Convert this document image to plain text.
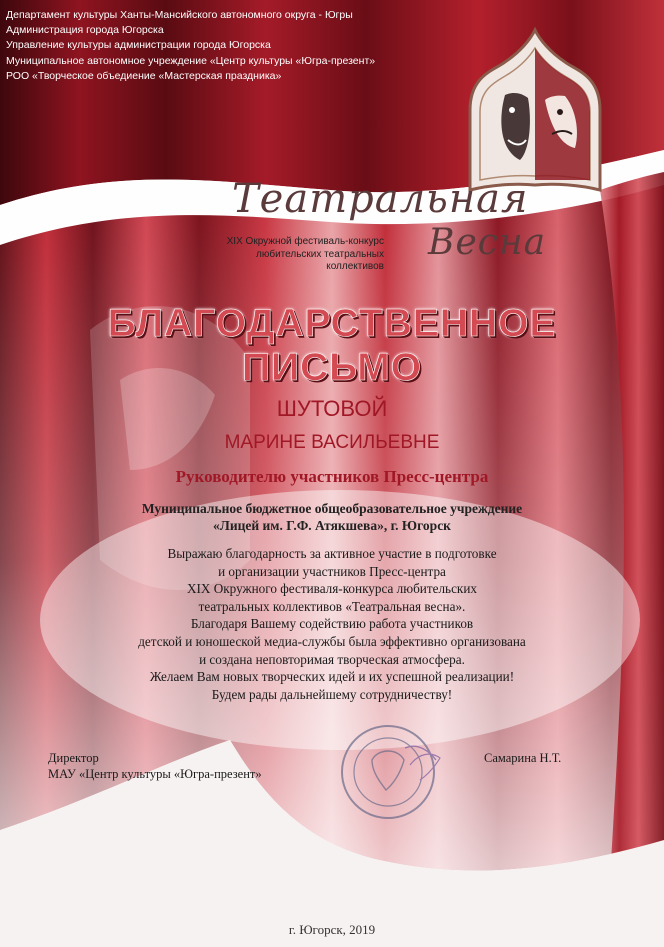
Департамент культуры Ханты-Мансийского автономного округа - Югры
Администрация города Югорска
Управление культуры администрации города Югорска
Муниципальное автономное учреждение «Центр культуры «Югра-презент»
РОО «Творческое объедиение «Мастерская праздника»
Театральная
Весна
XIX Окружной фестиваль-конкурс
любительских театральных
коллективов
БЛАГОДАРСТВЕННОЕ
ПИСЬМО
ШУТОВОЙ
МАРИНЕ ВАСИЛЬЕВНЕ
Руководителю участников Пресс-центра
Муниципальное бюджетное общеобразовательное учреждение
«Лицей им. Г.Ф. Атякшева», г. Югорск
Выражаю благодарность за активное участие в подготовке
и организации участников Пресс-центра
XIX Окружного фестиваля-конкурса любительских
театральных коллективов «Театральная весна».
Благодаря Вашему содействию работа участников
детской и юношеской медиа-службы была эффективно организована
и создана неповторимая творческая атмосфера.
Желаем Вам новых творческих идей и их успешной реализации!
Будем рады дальнейшему сотрудничеству!
Директор
МАУ «Центр культуры «Югра-презент»
Самарина Н.Т.
г. Югорск, 2019
